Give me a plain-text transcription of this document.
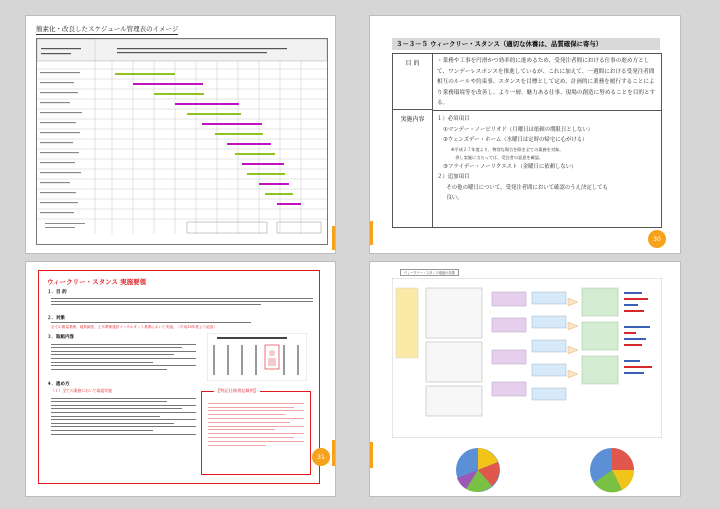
簡素化・改良したスケジュール管理表のイメージ
３－３－５ ウィークリー・スタンス（適切な休養は、品質確保に寄与）
目 的	・業務や工事を円滑かつ効率的に進めるため、受発注者間における仕事の進め方として、ワンデーレスポンスを推進しているが、これに加えて、一週間における受発注者間相互のルールや約束事、スタンスを目標として定め、計画的に業務を履行することにより業務環境等を改善し、より一層、魅力ある仕事、現場の創造に努めることを目的とする。
実施内容	１）必須項目
①マンデー・ノーピリオド（月曜日は依頼の期限日としない）
②ウェンズデー・ホーム（水曜日は定時の帰宅に心がける）
※平成２７年度より、物別な場合を除き全ての業務を対象。
　併し実施に当たっては、受注者の意思を確認。
③フライデー・ノーリクエスト（金曜日に依頼しない）
２）追加項目
　その他の曜日について、受発注者間において確認のうえ決定しても
　良い。
30
ウィークリー・スタンス 実施要領
１．目 的
２．対象
全ての測量業務、地質調査、土木関係建設コンサルタント業務において実施。（平成29年度より追加）
３．取組内容
４．進め方
（１）全ての業務において取組実施	【特記仕様書記載例】
31
ウィークリー・スタンス取組の効果
